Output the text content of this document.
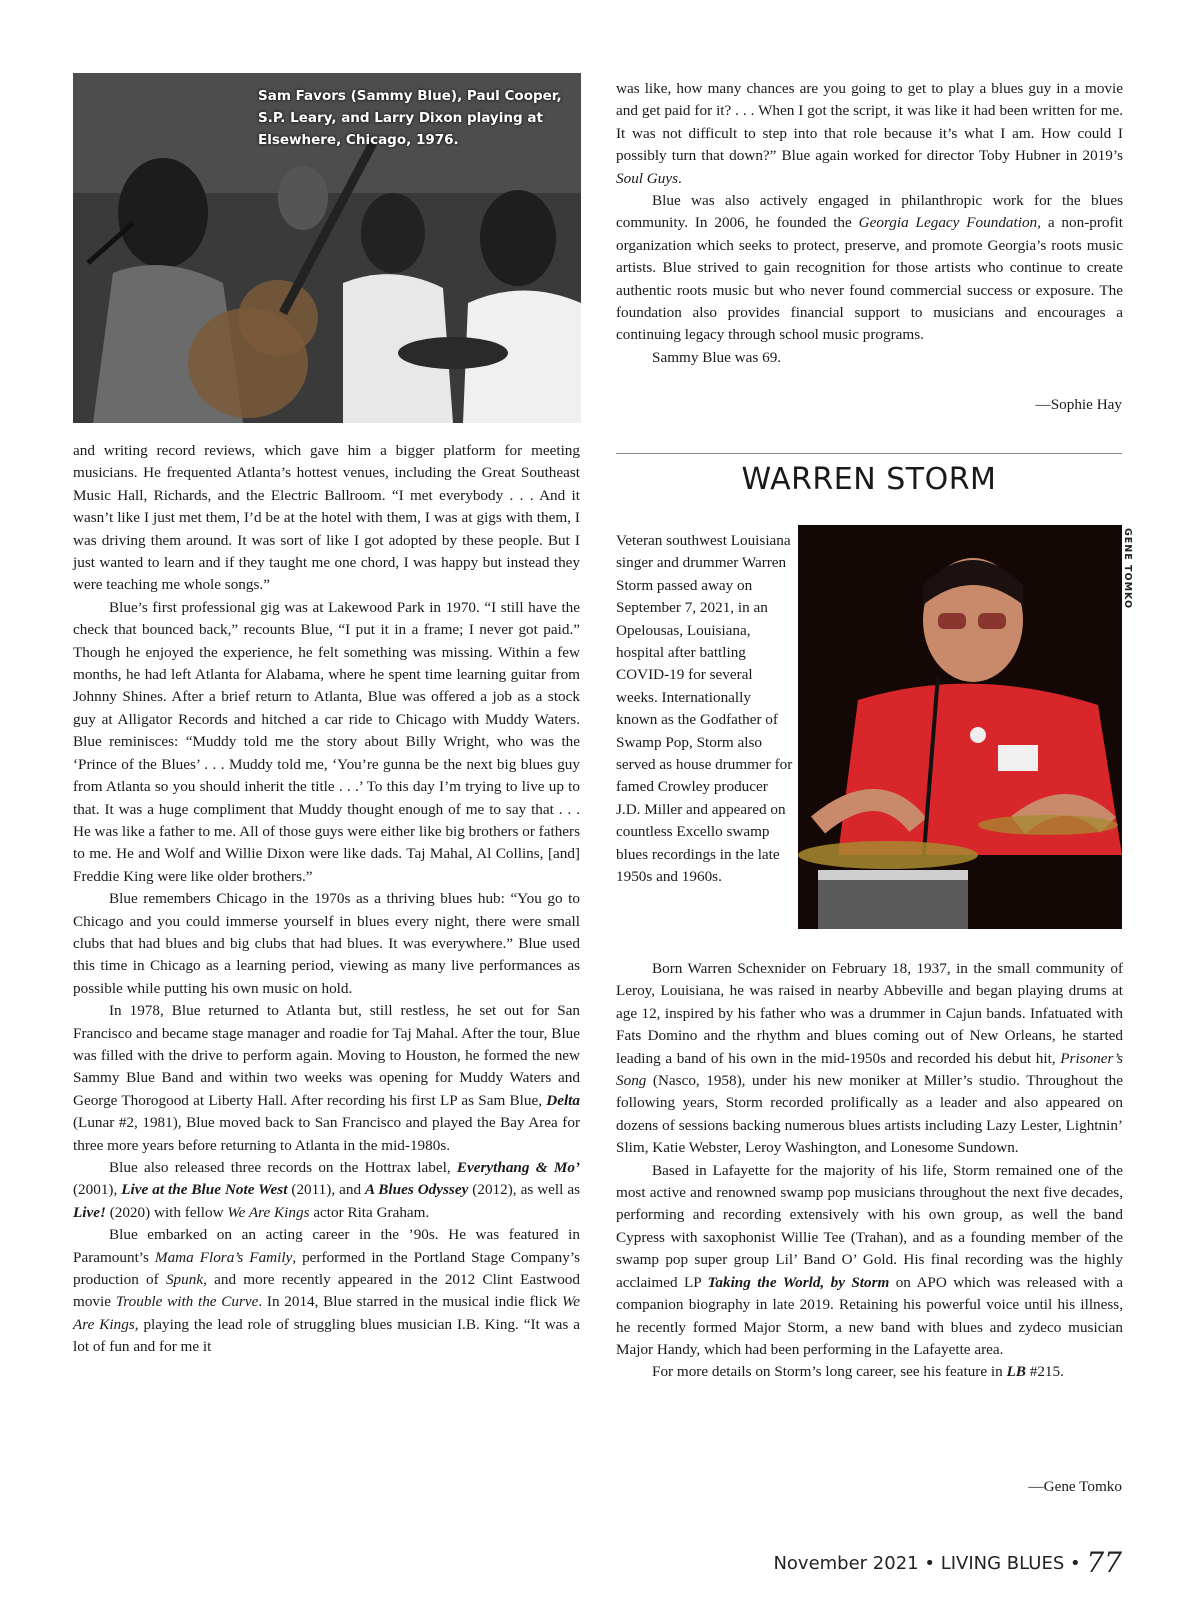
Sam Favors (Sammy Blue), Paul Cooper, S.P. Leary, and Larry Dixon playing at Elsewhere, Chicago, 1976.

and writing record reviews, which gave him a bigger platform for meeting musicians. He frequented Atlanta’s hottest venues, including the Great Southeast Music Hall, Richards, and the Electric Ballroom. “I met everybody . . . And it wasn’t like I just met them, I’d be at the hotel with them, I was at gigs with them, I was driving them around. It was sort of like I got adopted by these people. But I just wanted to learn and if they taught me one chord, I was happy but instead they were teaching me whole songs.”

Blue’s first professional gig was at Lakewood Park in 1970. “I still have the check that bounced back,” recounts Blue, “I put it in a frame; I never got paid.” Though he enjoyed the experience, he felt something was missing. Within a few months, he had left Atlanta for Alabama, where he spent time learning guitar from Johnny Shines. After a brief return to Atlanta, Blue was offered a job as a stock guy at Alligator Records and hitched a car ride to Chicago with Muddy Waters. Blue reminisces: “Muddy told me the story about Billy Wright, who was the ‘Prince of the Blues’ . . . Muddy told me, ‘You’re gunna be the next big blues guy from Atlanta so you should inherit the title . . .’ To this day I’m trying to live up to that. It was a huge compliment that Muddy thought enough of me to say that . . . He was like a father to me. All of those guys were either like big brothers or fathers to me. He and Wolf and Willie Dixon were like dads. Taj Mahal, Al Collins, [and] Freddie King were like older brothers.”

Blue remembers Chicago in the 1970s as a thriving blues hub: “You go to Chicago and you could immerse yourself in blues every night, there were small clubs that had blues and big clubs that had blues. It was everywhere.” Blue used this time in Chicago as a learning period, viewing as many live performances as possible while putting his own music on hold.

In 1978, Blue returned to Atlanta but, still restless, he set out for San Francisco and became stage manager and roadie for Taj Mahal. After the tour, Blue was filled with the drive to perform again. Moving to Houston, he formed the new Sammy Blue Band and within two weeks was opening for Muddy Waters and George Thorogood at Liberty Hall. After recording his first LP as Sam Blue, Delta (Lunar #2, 1981), Blue moved back to San Francisco and played the Bay Area for three more years before returning to Atlanta in the mid-1980s.

Blue also released three records on the Hottrax label, Everythang & Mo’ (2001), Live at the Blue Note West (2011), and A Blues Odyssey (2012), as well as Live! (2020) with fellow We Are Kings actor Rita Graham.

Blue embarked on an acting career in the ’90s. He was featured in Paramount’s Mama Flora’s Family, performed in the Portland Stage Company’s production of Spunk, and more recently appeared in the 2012 Clint Eastwood movie Trouble with the Curve. In 2014, Blue starred in the musical indie flick We Are Kings, playing the lead role of struggling blues musician I.B. King. “It was a lot of fun and for me it

was like, how many chances are you going to get to play a blues guy in a movie and get paid for it? . . . When I got the script, it was like it had been written for me. It was not difficult to step into that role because it’s what I am. How could I possibly turn that down?” Blue again worked for director Toby Hubner in 2019’s Soul Guys.

Blue was also actively engaged in philanthropic work for the blues community. In 2006, he founded the Georgia Legacy Foundation, a non-profit organization which seeks to protect, preserve, and promote Georgia’s roots music artists. Blue strived to gain recognition for those artists who continue to create authentic roots music but who never found commercial success or exposure. The foundation also provides financial support to musicians and encourages a continuing legacy through school music programs.

Sammy Blue was 69.

—Sophie Hay
WARREN STORM

Veteran southwest Louisiana singer and drummer Warren Storm passed away on September 7, 2021, in an Opelousas, Louisiana, hospital after battling COVID-19 for several weeks. Internationally known as the Godfather of Swamp Pop, Storm also served as house drummer for famed Crowley producer J.D. Miller and appeared on countless Excello swamp blues recordings in the late 1950s and 1960s.

GENE TOMKO

Born Warren Schexnider on February 18, 1937, in the small community of Leroy, Louisiana, he was raised in nearby Abbeville and began playing drums at age 12, inspired by his father who was a drummer in Cajun bands. Infatuated with Fats Domino and the rhythm and blues coming out of New Orleans, he started leading a band of his own in the mid-1950s and recorded his debut hit, Prisoner’s Song (Nasco, 1958), under his new moniker at Miller’s studio. Throughout the following years, Storm recorded prolifically as a leader and also appeared on dozens of sessions backing numerous blues artists including Lazy Lester, Lightnin’ Slim, Katie Webster, Leroy Washington, and Lonesome Sundown.

Based in Lafayette for the majority of his life, Storm remained one of the most active and renowned swamp pop musicians throughout the next five decades, performing and recording extensively with his own group, as well the band Cypress with saxophonist Willie Tee (Trahan), and as a founding member of the swamp pop super group Lil’ Band O’ Gold. His final recording was the highly acclaimed LP Taking the World, by Storm on APO which was released with a companion biography in late 2019. Retaining his powerful voice until his illness, he recently formed Major Storm, a new band with blues and zydeco musician Major Handy, which had been performing in the Lafayette area.

For more details on Storm’s long career, see his feature in LB #215.

—Gene Tomko
November 2021 • LIVING BLUES • 77
